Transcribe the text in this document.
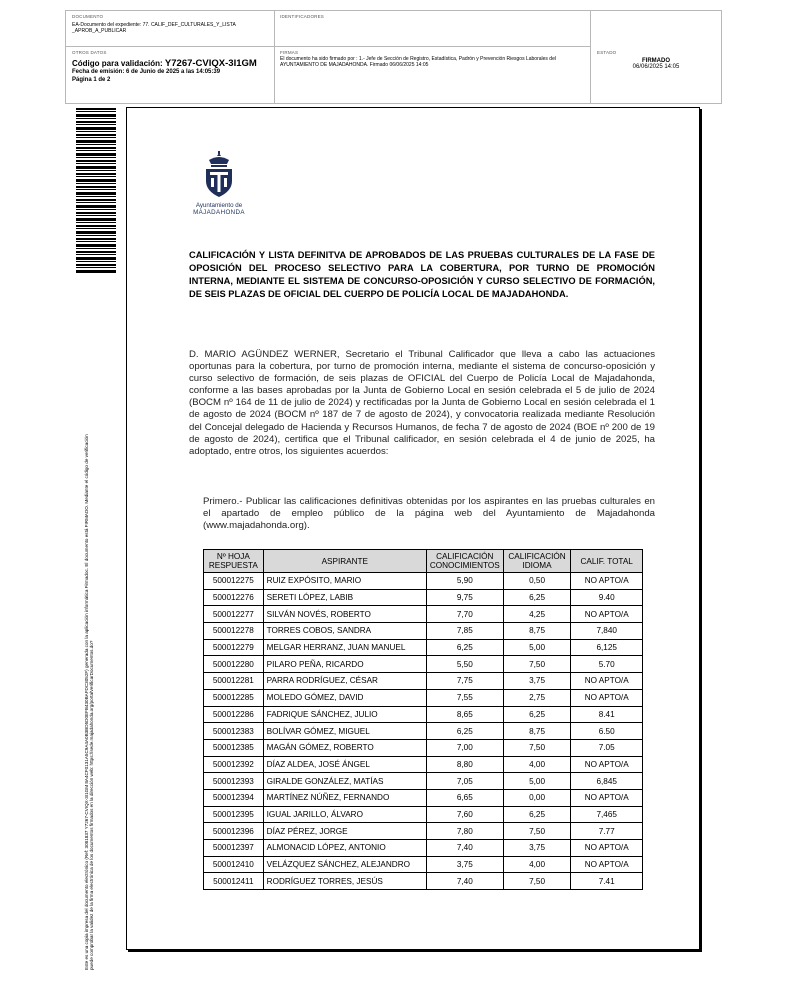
DOCUMENTO
EA-Documento del expediente: 77. CALIF_DEF_CULTURALES_Y_LISTA _APROB_A_PUBLICAR
IDENTIFICADORES
OTROS DATOS
Código para validación: Y7267-CVIQX-3I1GM
Fecha de emisión: 6 de Junio de 2025 a las 14:05:39
Página 1 de 2
FIRMAS
El documento ha sido firmado por : 1.- Jefe de Sección de Registro, Estadística, Padrón y Prevención Riesgos Laborales del AYUNTAMIENTO DE MAJADAHONDA. Firmado 06/06/2025 14:05
ESTADO
FIRMADO
06/06/2025 14:05
Este es una copia impresa del documento electrónico (Ref: 3081837 Y7267-CVIQX-3I1GM 8A4CF0131A5C9A4A0B3BD5D0EFB430BAFDC3052F) generada con la aplicación informática Firmadoc. El documento está FIRMADO. Mediante el código de verificación puede comprobar la validez de la firma electrónica de los documentos firmados en la dirección web: https://sede.majadahonda.org/portalVerificarDocumentos.do?
Ayuntamiento de
MAJADAHONDA
CALIFICACIÓN Y LISTA DEFINITVA DE APROBADOS DE LAS PRUEBAS CULTURALES DE LA FASE DE OPOSICIÓN DEL PROCESO SELECTIVO PARA LA COBERTURA, POR TURNO DE PROMOCIÓN INTERNA, MEDIANTE EL SISTEMA DE CONCURSO-OPOSICIÓN Y CURSO SELECTIVO DE FORMACIÓN, DE SEIS PLAZAS DE OFICIAL DEL CUERPO DE POLICÍA LOCAL DE MAJADAHONDA.
D. MARIO AGÜNDEZ WERNER, Secretario el Tribunal Calificador que lleva a cabo las actuaciones oportunas para la cobertura, por turno de promoción interna, mediante el sistema de concurso-oposición y curso selectivo de formación, de seis plazas de OFICIAL del Cuerpo de Policía Local de Majadahonda, conforme a las bases aprobadas por la Junta de Gobierno Local en sesión celebrada el 5 de julio de 2024 (BOCM nº 164 de 11 de julio de 2024) y rectificadas por la Junta de Gobierno Local en sesión celebrada el 1 de agosto de 2024 (BOCM nº 187 de 7 de agosto de 2024), y convocatoria realizada mediante Resolución del Concejal delegado de Hacienda y Recursos Humanos, de fecha 7 de agosto de 2024 (BOE nº 200 de 19 de agosto de 2024), certifica que el Tribunal calificador, en sesión celebrada el 4 de junio de 2025, ha adoptado, entre otros, los siguientes acuerdos:
Primero.- Publicar las calificaciones definitivas obtenidas por los aspirantes en las pruebas culturales en el apartado de empleo público de la página web del Ayuntamiento de Majadahonda (www.majadahonda.org).
Nº HOJA RESPUESTA	ASPIRANTE	CALIFICACIÓN CONOCIMIENTOS	CALIFICACIÓN IDIOMA	CALIF. TOTAL
500012275	RUIZ EXPÓSITO, MARIO	5,90	0,50	NO APTO/A
500012276	SERETI LÓPEZ, LABIB	9,75	6,25	9.40
500012277	SILVÁN NOVÉS, ROBERTO	7,70	4,25	NO APTO/A
500012278	TORRES COBOS, SANDRA	7,85	8,75	7,840
500012279	MELGAR HERRANZ, JUAN MANUEL	6,25	5,00	6,125
500012280	PILARO PEÑA, RICARDO	5,50	7,50	5.70
500012281	PARRA RODRÍGUEZ, CÉSAR	7,75	3,75	NO APTO/A
500012285	MOLEDO GÓMEZ, DAVID	7,55	2,75	NO APTO/A
500012286	FADRIQUE SÁNCHEZ, JULIO	8,65	6,25	8.41
500012383	BOLÍVAR GÓMEZ, MIGUEL	6,25	8,75	6.50
500012385	MAGÁN GÓMEZ, ROBERTO	7,00	7,50	7.05
500012392	DÍAZ ALDEA, JOSÉ ÁNGEL	8,80	4,00	NO APTO/A
500012393	GIRALDE GONZÁLEZ, MATÍAS	7,05	5,00	6,845
500012394	MARTÍNEZ NÚÑEZ, FERNANDO	6,65	0,00	NO APTO/A
500012395	IGUAL JARILLO, ÁLVARO	7,60	6,25	7,465
500012396	DÍAZ PÉREZ, JORGE	7,80	7,50	7.77
500012397	ALMONACID LÓPEZ, ANTONIO	7,40	3,75	NO APTO/A
500012410	VELÁZQUEZ SÁNCHEZ, ALEJANDRO	3,75	4,00	NO APTO/A
500012411	RODRÍGUEZ TORRES, JESÚS	7,40	7,50	7.41
